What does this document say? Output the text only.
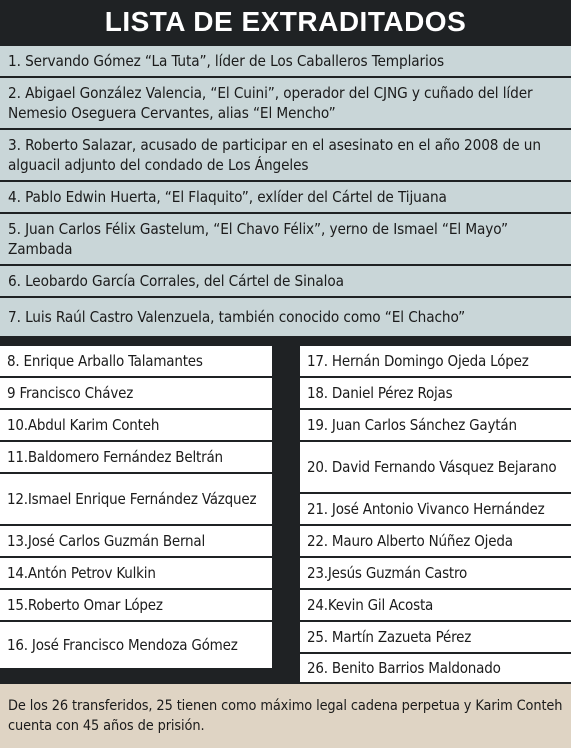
LISTA DE EXTRADITADOS
1. Servando Gómez “La Tuta”, líder de Los Caballeros Templarios
2. Abigael González Valencia, “El Cuini”, operador del CJNG y cuñado del líder Nemesio Oseguera Cervantes, alias “El Mencho”
3. Roberto Salazar, acusado de participar en el asesinato en el año 2008 de un alguacil adjunto del condado de Los Ángeles
4. Pablo Edwin Huerta, “El Flaquito”, exlíder del Cártel de Tijuana
5. Juan Carlos Félix Gastelum, “El Chavo Félix”, yerno de Ismael “El Mayo” Zambada
6. Leobardo García Corrales, del Cártel de Sinaloa
7. Luis Raúl Castro Valenzuela, también conocido como “El Chacho”
8. Enrique Arballo Talamantes
9 Francisco Chávez
10.Abdul Karim Conteh
11.Baldomero Fernández Beltrán
12.Ismael Enrique Fernández Vázquez
13.José Carlos Guzmán Bernal
14.Antón Petrov Kulkin
15.Roberto Omar López
16. José Francisco Mendoza Gómez
17. Hernán Domingo Ojeda López
18. Daniel Pérez Rojas
19. Juan Carlos Sánchez Gaytán
20. David Fernando Vásquez Bejarano
21. José Antonio Vivanco Hernández
22. Mauro Alberto Núñez Ojeda
23.Jesús Guzmán Castro
24.Kevin Gil Acosta
25. Martín Zazueta Pérez
26. Benito Barrios Maldonado
De los 26 transferidos, 25 tienen como máximo legal cadena perpetua y Karim Conteh cuenta con 45 años de prisión.
